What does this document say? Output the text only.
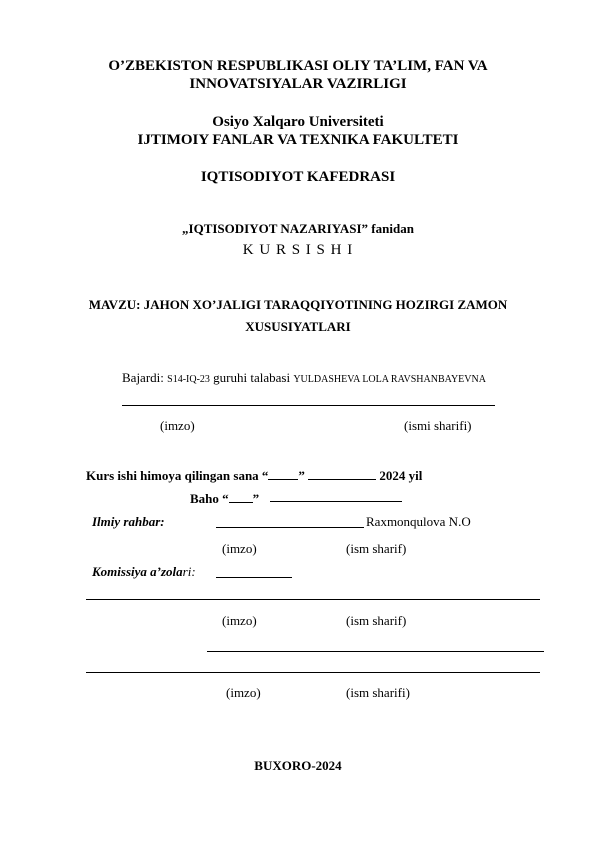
O’ZBEKISTON RESPUBLIKASI OLIY TA’LIM, FAN VA
INNOVATSIYALAR VAZIRLIGI
Osiyo Xalqaro Universiteti
IJTIMOIY FANLAR VA TEXNIKA FAKULTETI
IQTISODIYOT KAFEDRASI
„IQTISODIYOT NAZARIYASI” fanidan
K U R S I S H I
MAVZU: JAHON XO’JALIGI TARAQQIYOTINING HOZIRGI ZAMON
XUSUSIYATLARI
Bajardi: S14-IQ-23 guruhi talabasi YULDASHEVA LOLA RAVSHANBAYEVNA
(imzo)	(ismi sharifi)
Kurs ishi himoya qilingan sana “ ”	2024 yil
Baho “ ”
Ilmiy rahbar:	Raxmonqulova N.O
(imzo)	(ism sharif)
Komissiya a’zolari:
(imzo)	(ism sharif)
(imzo)	(ism sharifi)
BUXORO-2024
